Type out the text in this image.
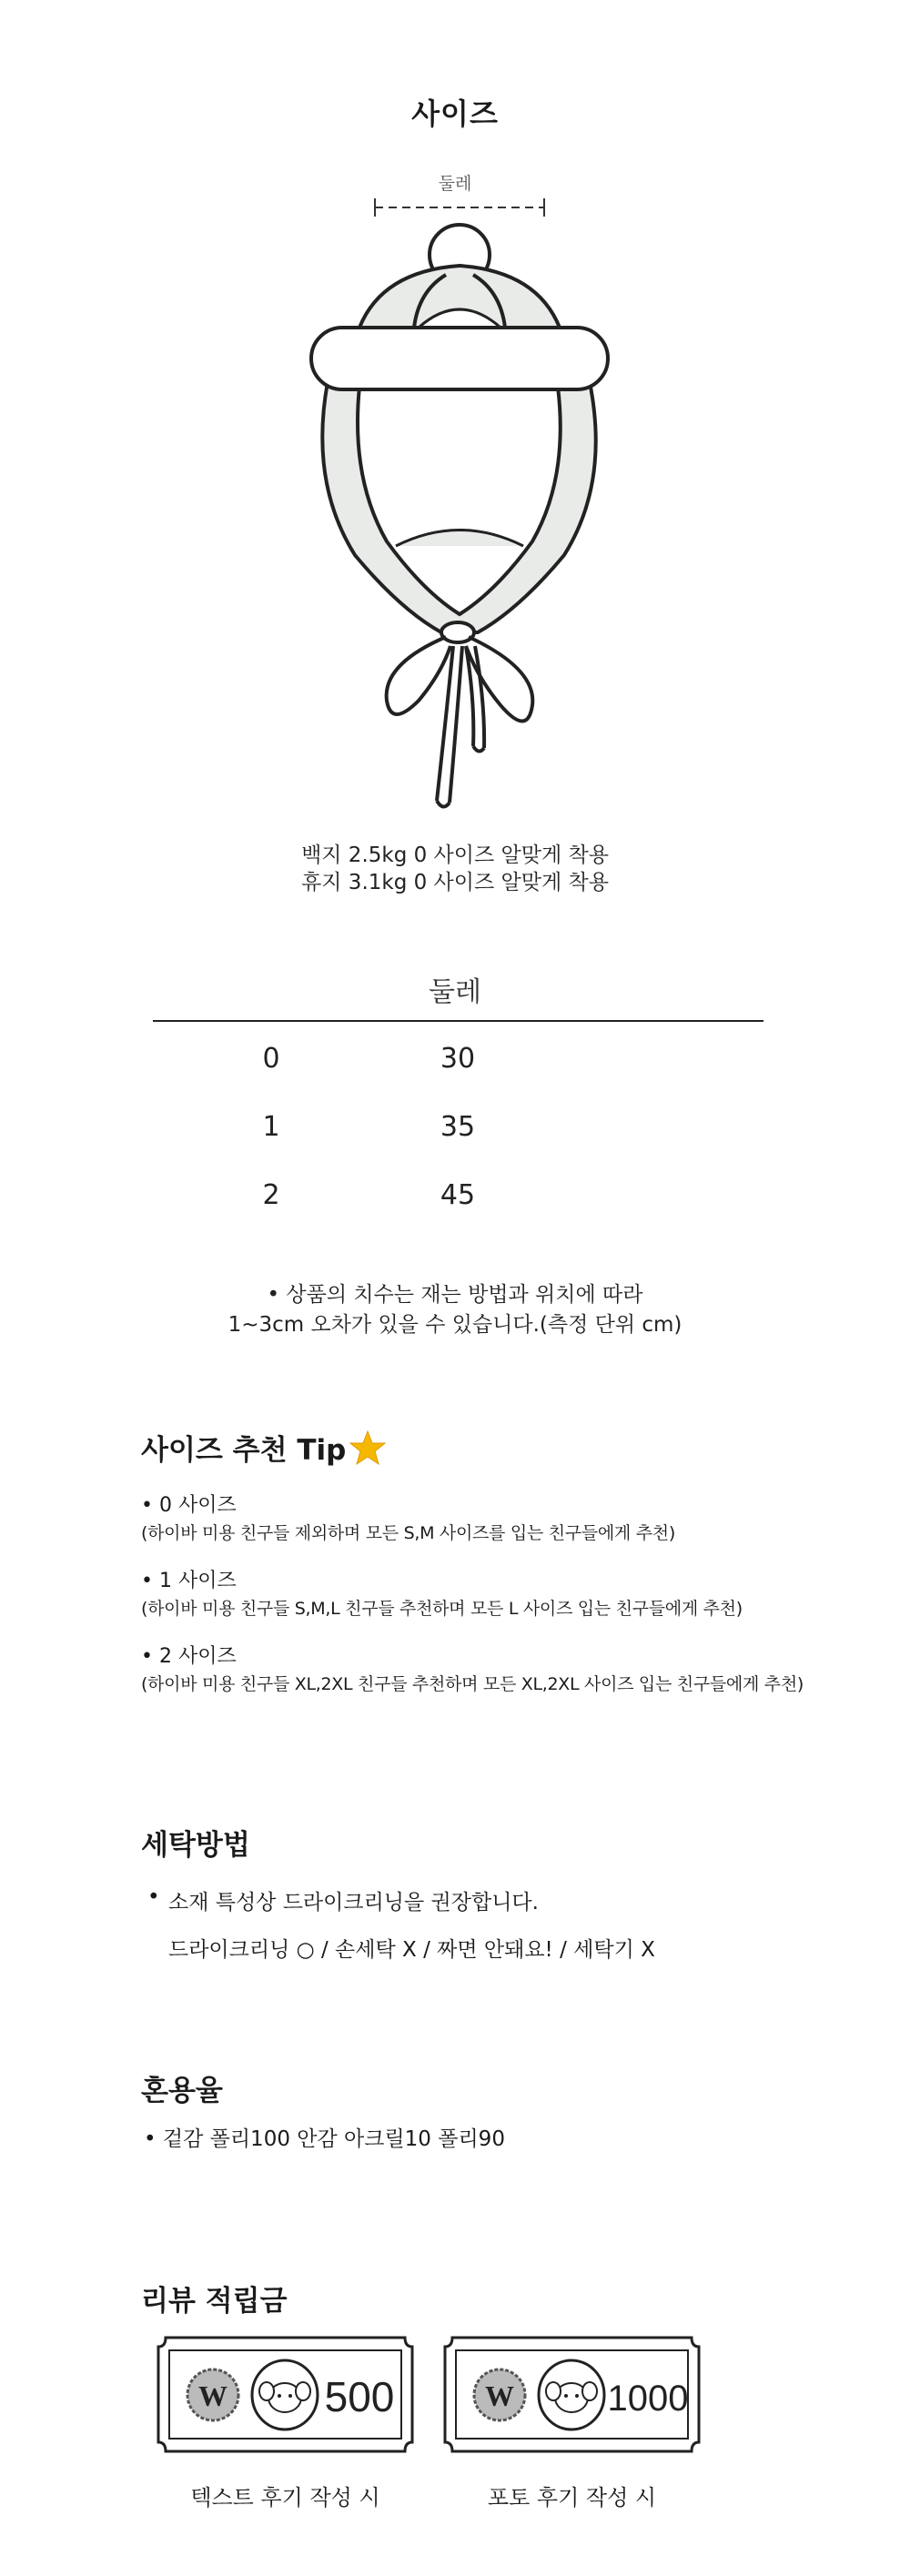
사이즈
둘레
백지 2.5kg 0 사이즈 알맞게 착용
휴지 3.1kg 0 사이즈 알맞게 착용
둘레
0	30
1	35
2	45
• 상품의 치수는 재는 방법과 위치에 따라
1~3cm 오차가 있을 수 있습니다.(측정 단위 cm)
사이즈 추천 Tip
• 0 사이즈
(하이바 미용 친구들 제외하며 모든 S,M 사이즈를 입는 친구들에게 추천)
• 1 사이즈
(하이바 미용 친구들 S,M,L 친구들 추천하며 모든 L 사이즈 입는 친구들에게 추천)
• 2 사이즈
(하이바 미용 친구들 XL,2XL 친구들 추천하며 모든 XL,2XL 사이즈 입는 친구들에게 추천)
세탁방법
• 소재 특성상 드라이크리닝을 권장합니다.
드라이크리닝 ○ / 손세탁 X / 짜면 안돼요! / 세탁기 X
혼용율
• 겉감 폴리100 안감 아크릴10 폴리90
리뷰 적립금
W 500
텍스트 후기 작성 시
W	1000
포토 후기 작성 시
